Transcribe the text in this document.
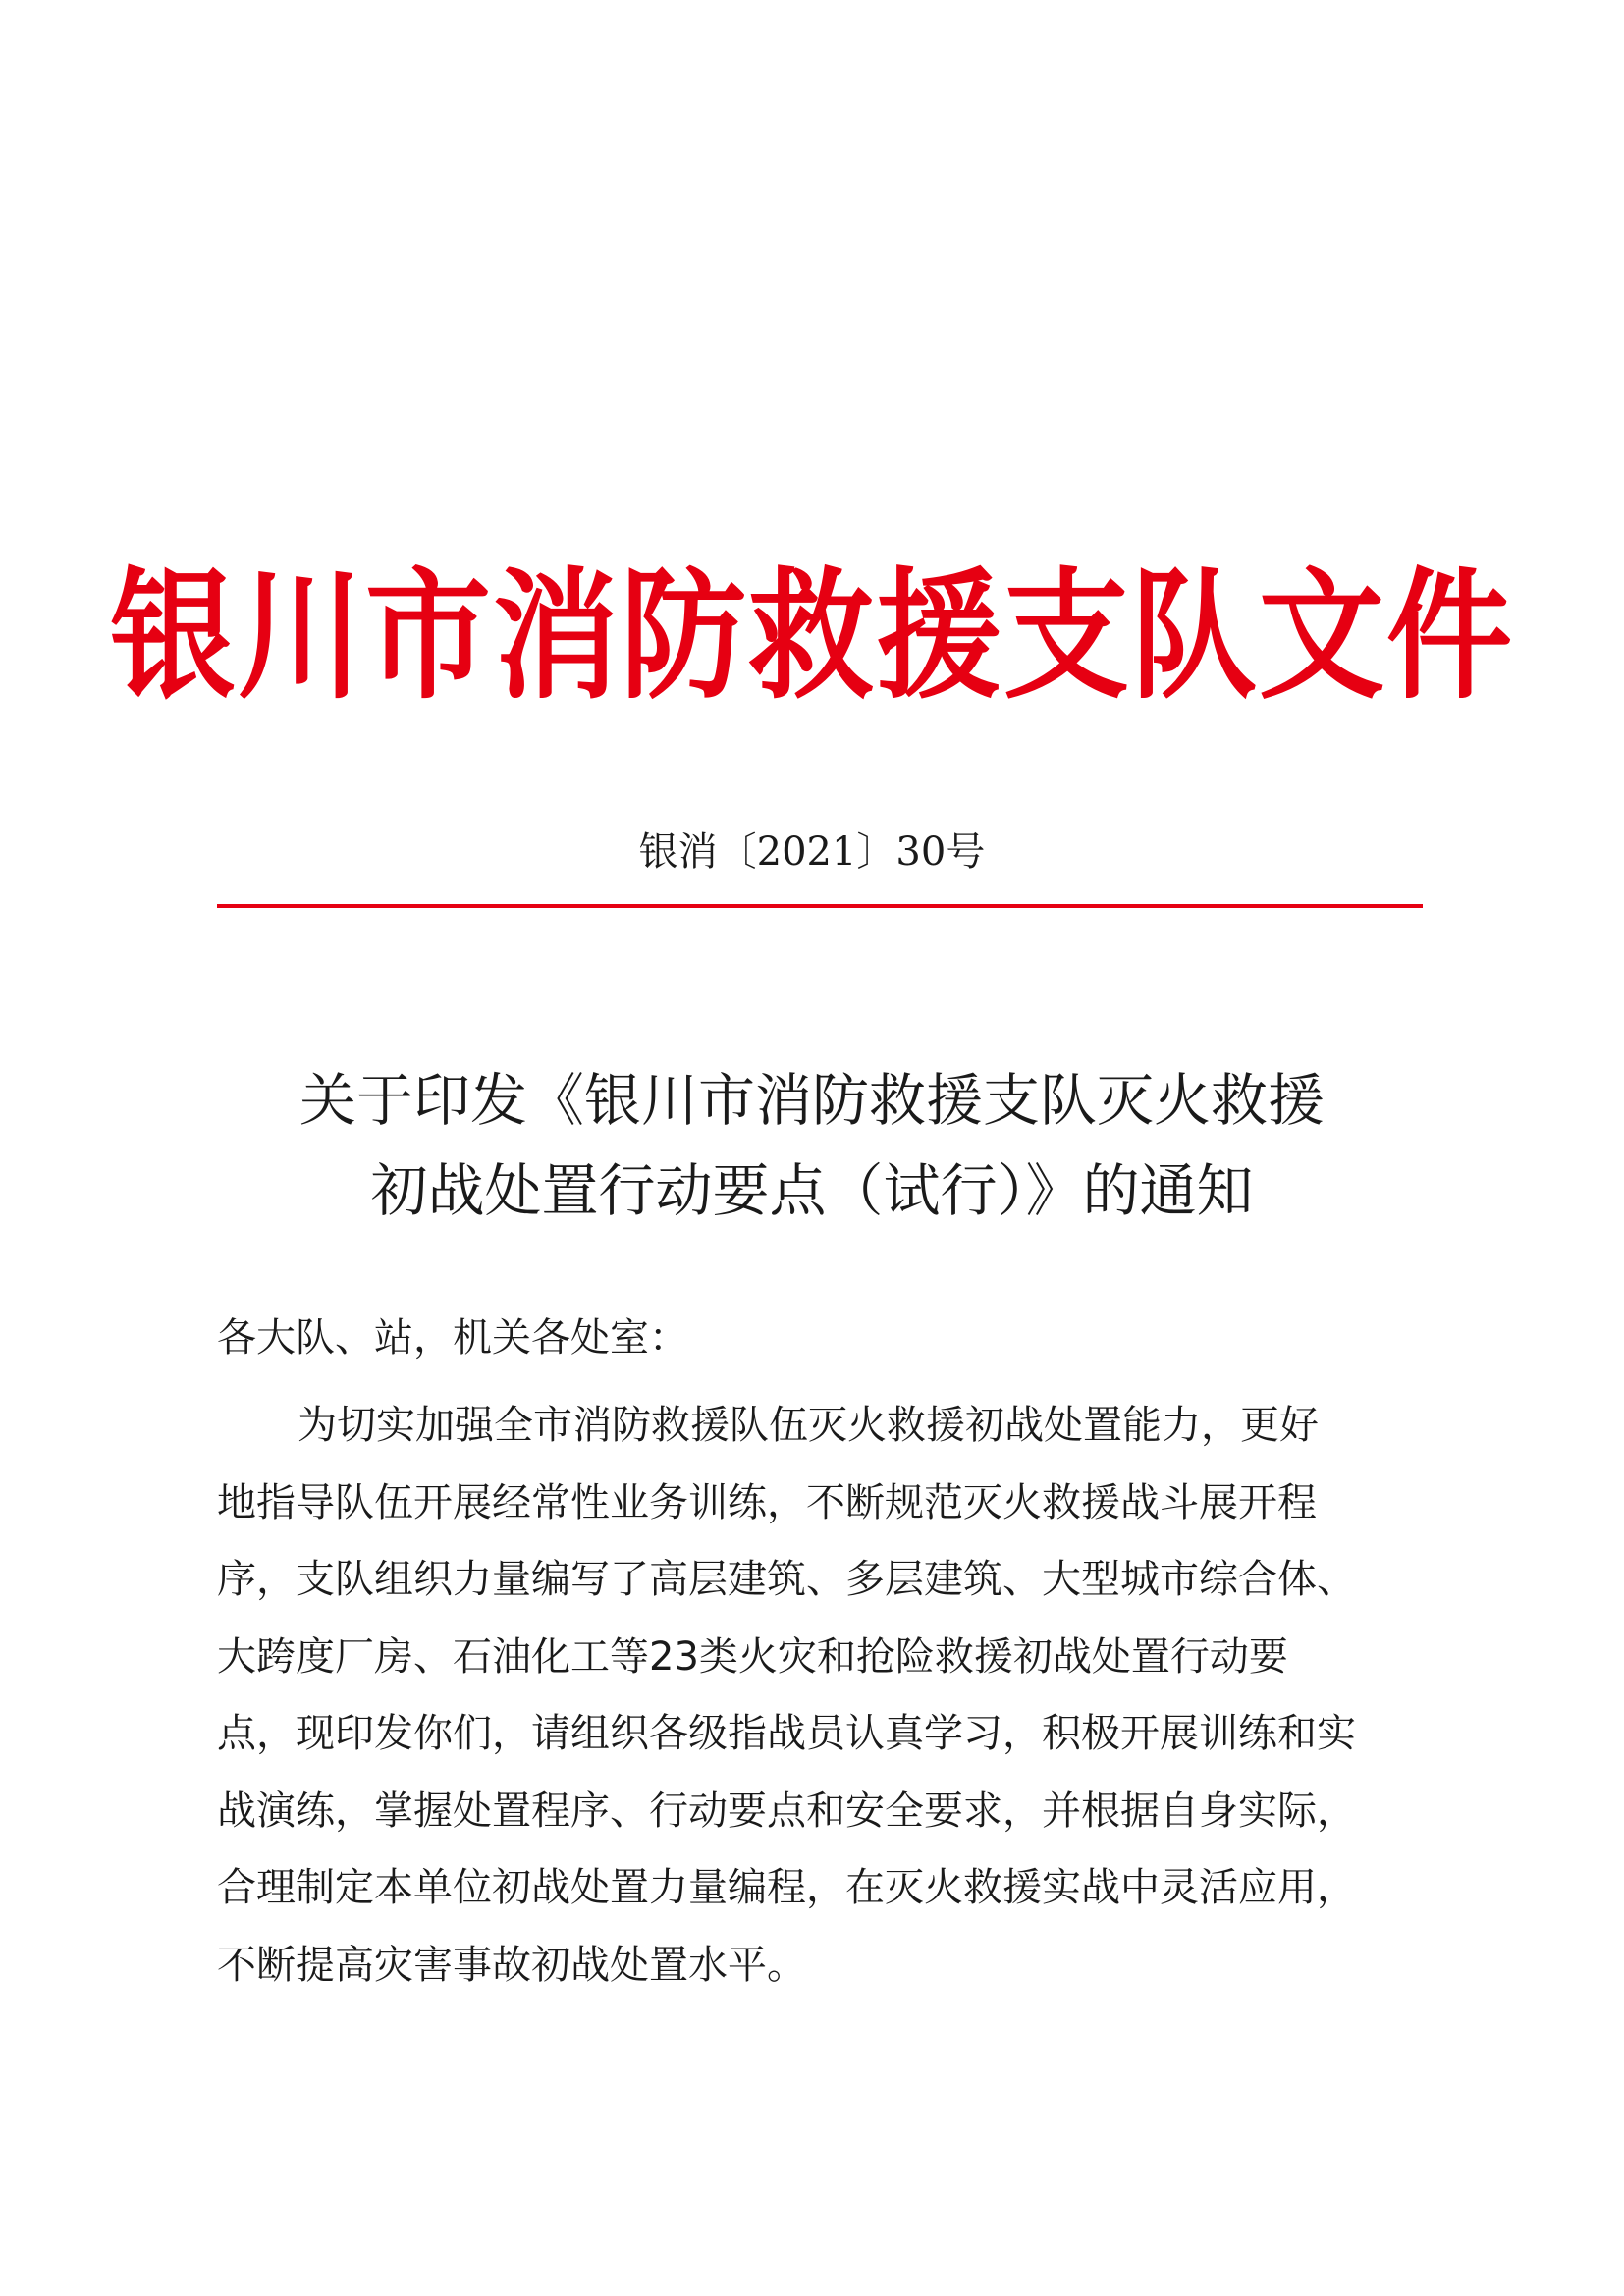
银川市消防救援支队文件
银消〔2021〕30号
关于印发《银川市消防救援支队灭火救援
初战处置行动要点（试行）》的通知
各大队、站，机关各处室：
为切实加强全市消防救援队伍灭火救援初战处置能力，更好
地指导队伍开展经常性业务训练，不断规范灭火救援战斗展开程
序，支队组织力量编写了高层建筑、多层建筑、大型城市综合体、
大跨度厂房、石油化工等23类火灾和抢险救援初战处置行动要
点，现印发你们，请组织各级指战员认真学习，积极开展训练和实
战演练，掌握处置程序、行动要点和安全要求，并根据自身实际，
合理制定本单位初战处置力量编程，在灭火救援实战中灵活应用，
不断提高灾害事故初战处置水平。
